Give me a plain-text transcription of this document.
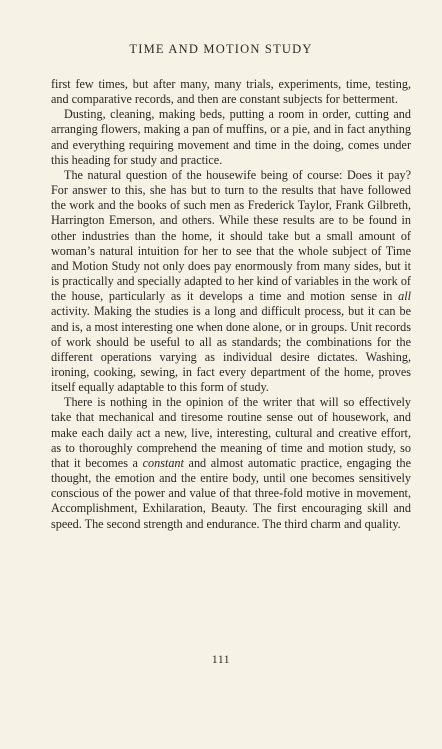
TIME AND MOTION STUDY

first few times, but after many, many trials, experiments, time, testing, and comparative records, and then are constant subjects for betterment.

Dusting, cleaning, making beds, putting a room in order, cutting and arranging flowers, making a pan of muffins, or a pie, and in fact anything and everything requiring movement and time in the doing, comes under this heading for study and practice.

The natural question of the housewife being of course: Does it pay? For answer to this, she has but to turn to the results that have followed the work and the books of such men as Frederick Taylor, Frank Gilbreth, Harrington Emerson, and others. While these results are to be found in other industries than the home, it should take but a small amount of woman’s natural intuition for her to see that the whole subject of Time and Motion Study not only does pay enormously from many sides, but it is practically and specially adapted to her kind of variables in the work of the house, particularly as it develops a time and motion sense in all activity. Making the studies is a long and difficult process, but it can be and is, a most interesting one when done alone, or in groups. Unit records of work should be useful to all as standards; the combinations for the different operations varying as individual desire dictates. Washing, ironing, cooking, sewing, in fact every department of the home, proves itself equally adaptable to this form of study.

There is nothing in the opinion of the writer that will so effectively take that mechanical and tiresome routine sense out of housework, and make each daily act a new, live, interesting, cultural and creative effort, as to thoroughly comprehend the meaning of time and motion study, so that it becomes a constant and almost automatic practice, engaging the thought, the emotion and the entire body, until one becomes sensitively conscious of the power and value of that three-fold motive in movement, Accomplishment, Exhilaration, Beauty. The first encouraging skill and speed. The second strength and endurance. The third charm and quality.

111
